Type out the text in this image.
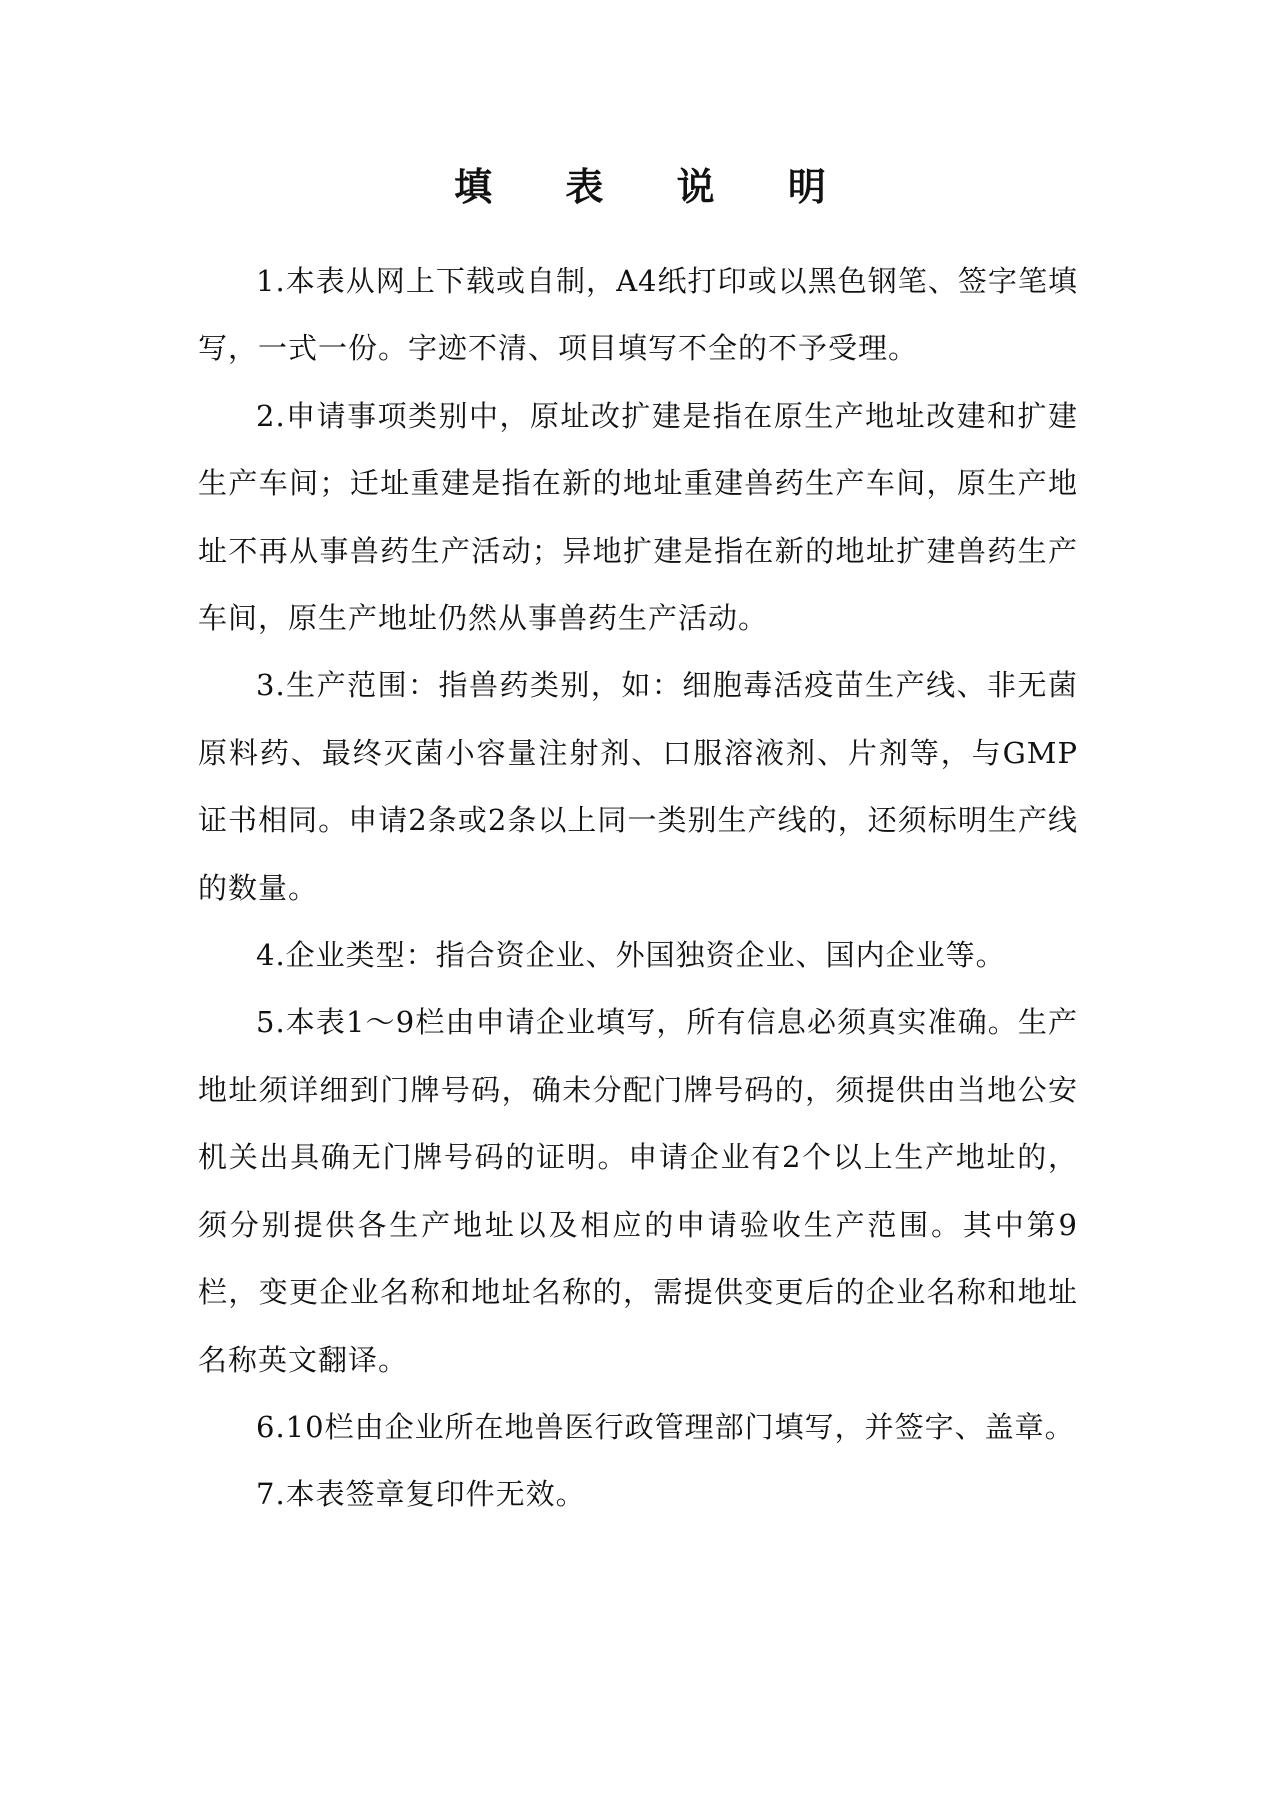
填 表 说 明

1.本表从网上下载或自制，A4纸打印或以黑色钢笔、签字笔填写，一式一份。字迹不清、项目填写不全的不予受理。

2.申请事项类别中，原址改扩建是指在原生产地址改建和扩建生产车间；迁址重建是指在新的地址重建兽药生产车间，原生产地址不再从事兽药生产活动；异地扩建是指在新的地址扩建兽药生产车间，原生产地址仍然从事兽药生产活动。

3.生产范围：指兽药类别，如：细胞毒活疫苗生产线、非无菌原料药、最终灭菌小容量注射剂、口服溶液剂、片剂等，与GMP证书相同。申请2条或2条以上同一类别生产线的，还须标明生产线的数量。

4.企业类型：指合资企业、外国独资企业、国内企业等。

5.本表1～9栏由申请企业填写，所有信息必须真实准确。生产地址须详细到门牌号码，确未分配门牌号码的，须提供由当地公安机关出具确无门牌号码的证明。申请企业有2个以上生产地址的，须分别提供各生产地址以及相应的申请验收生产范围。其中第9栏，变更企业名称和地址名称的，需提供变更后的企业名称和地址名称英文翻译。

6.10栏由企业所在地兽医行政管理部门填写，并签字、盖章。

7.本表签章复印件无效。
